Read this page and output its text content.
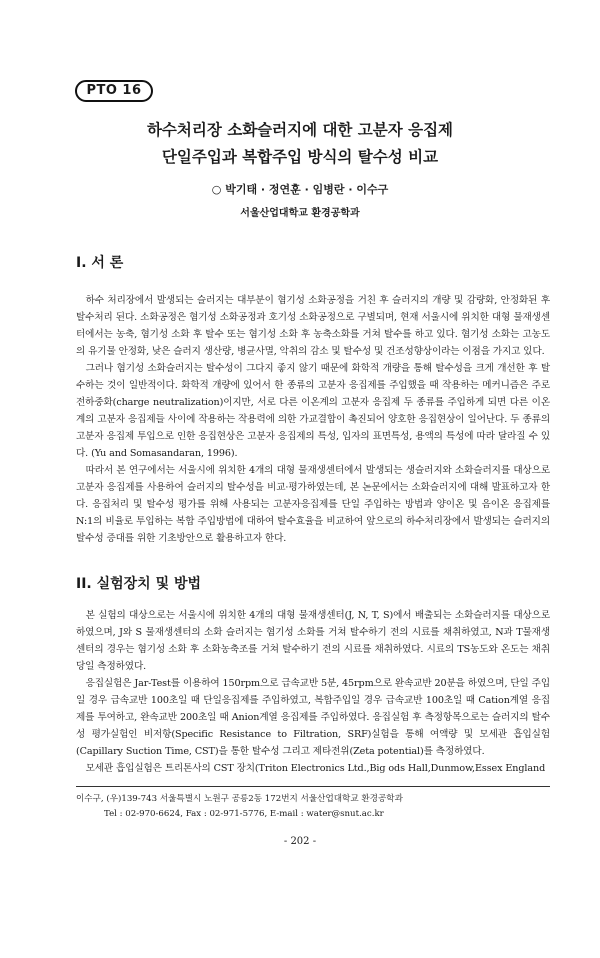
PTO 16
하수처리장 소화슬러지에 대한 고분자 응집제
단일주입과 복합주입 방식의 탈수성 비교
○ 박기태 · 정연훈 · 임병란 · 이수구
서울산업대학교 환경공학과
I. 서 론

하수 처리장에서 발생되는 슬러지는 대부분이 혐기성 소화공정을 거친 후 슬러지의 개량 및 감량화, 안정화된 후 탈수처리 된다. 소화공정은 혐기성 소화공정과 호기성 소화공정으로 구별되며, 현재 서울시에 위치한 대형 물재생센터에서는 농축, 혐기성 소화 후 탈수 또는 혐기성 소화 후 농축소화를 거쳐 탈수를 하고 있다. 혐기성 소화는 고농도의 유기물 안정화, 낮은 슬러지 생산량, 병균사멸, 악취의 감소 및 탈수성 및 건조성향상이라는 이점을 가지고 있다.

그러나 혐기성 소화슬러지는 탈수성이 그다지 좋지 않기 때문에 화학적 개량을 통해 탈수성을 크게 개선한 후 탈수하는 것이 일반적이다. 화학적 개량에 있어서 한 종류의 고분자 응집제를 주입했을 때 작용하는 메커니즘은 주로 전하중화(charge neutralization)이지만, 서로 다른 이온계의 고분자 응집제 두 종류를 주입하게 되면 다른 이온계의 고분자 응집제들 사이에 작용하는 작용력에 의한 가교결합이 촉진되어 양호한 응집현상이 일어난다. 두 종류의 고분자 응집제 투입으로 인한 응집현상은 고분자 응집제의 특성, 입자의 표면특성, 용액의 특성에 따라 달라질 수 있다. (Yu and Somasandaran, 1996).

따라서 본 연구에서는 서울시에 위치한 4개의 대형 물재생센터에서 발생되는 생슬러지와 소화슬러지를 대상으로 고분자 응집제를 사용하여 슬러지의 탈수성을 비교·평가하였는데, 본 논문에서는 소화슬러지에 대해 발표하고자 한다. 응집처리 및 탈수성 평가를 위해 사용되는 고분자응집제를 단일 주입하는 방법과 양이온 및 음이온 응집제를 N:1의 비율로 투입하는 복합 주입방법에 대하여 탈수효율을 비교하여 앞으로의 하수처리장에서 발생되는 슬러지의 탈수성 증대를 위한 기초방안으로 활용하고자 한다.

II. 실험장치 및 방법

본 실험의 대상으로는 서울시에 위치한 4개의 대형 물재생센터(J, N, T, S)에서 배출되는 소화슬러지를 대상으로 하였으며, J와 S 물재생센터의 소화 슬러지는 혐기성 소화를 거쳐 탈수하기 전의 시료를 채취하였고, N과 T물재생센터의 경우는 혐기성 소화 후 소화농축조를 거쳐 탈수하기 전의 시료를 채취하였다. 시료의 TS농도와 온도는 채취 당일 측정하였다.

응집실험은 Jar-Test를 이용하여 150rpm으로 급속교반 5분, 45rpm으로 완속교반 20분을 하였으며, 단일 주입일 경우 급속교반 100초일 때 단일응집제를 주입하였고, 복합주입일 경우 급속교반 100초일 때 Cation계열 응집제를 투여하고, 완속교반 200초일 때 Anion계열 응집제를 주입하였다. 응집실험 후 측정항목으로는 슬러지의 탈수성 평가실험인 비저항(Specific Resistance to Filtration, SRF)실험을 통해 여액량 및 모세관 흡입실험(Capillary Suction Time, CST)을 통한 탈수성 그리고 제타전위(Zeta potential)를 측정하였다.

모세관 흡입실험은 트리톤사의 CST 장치(Triton Electronics Ltd.,Big ods Hall,Dunmow,Essex England

이수구, (우)139-743 서울특별시 노원구 공릉2동 172번지 서울산업대학교 환경공학과
Tel : 02-970-6624, Fax : 02-971-5776, E-mail : water@snut.ac.kr
- 202 -
